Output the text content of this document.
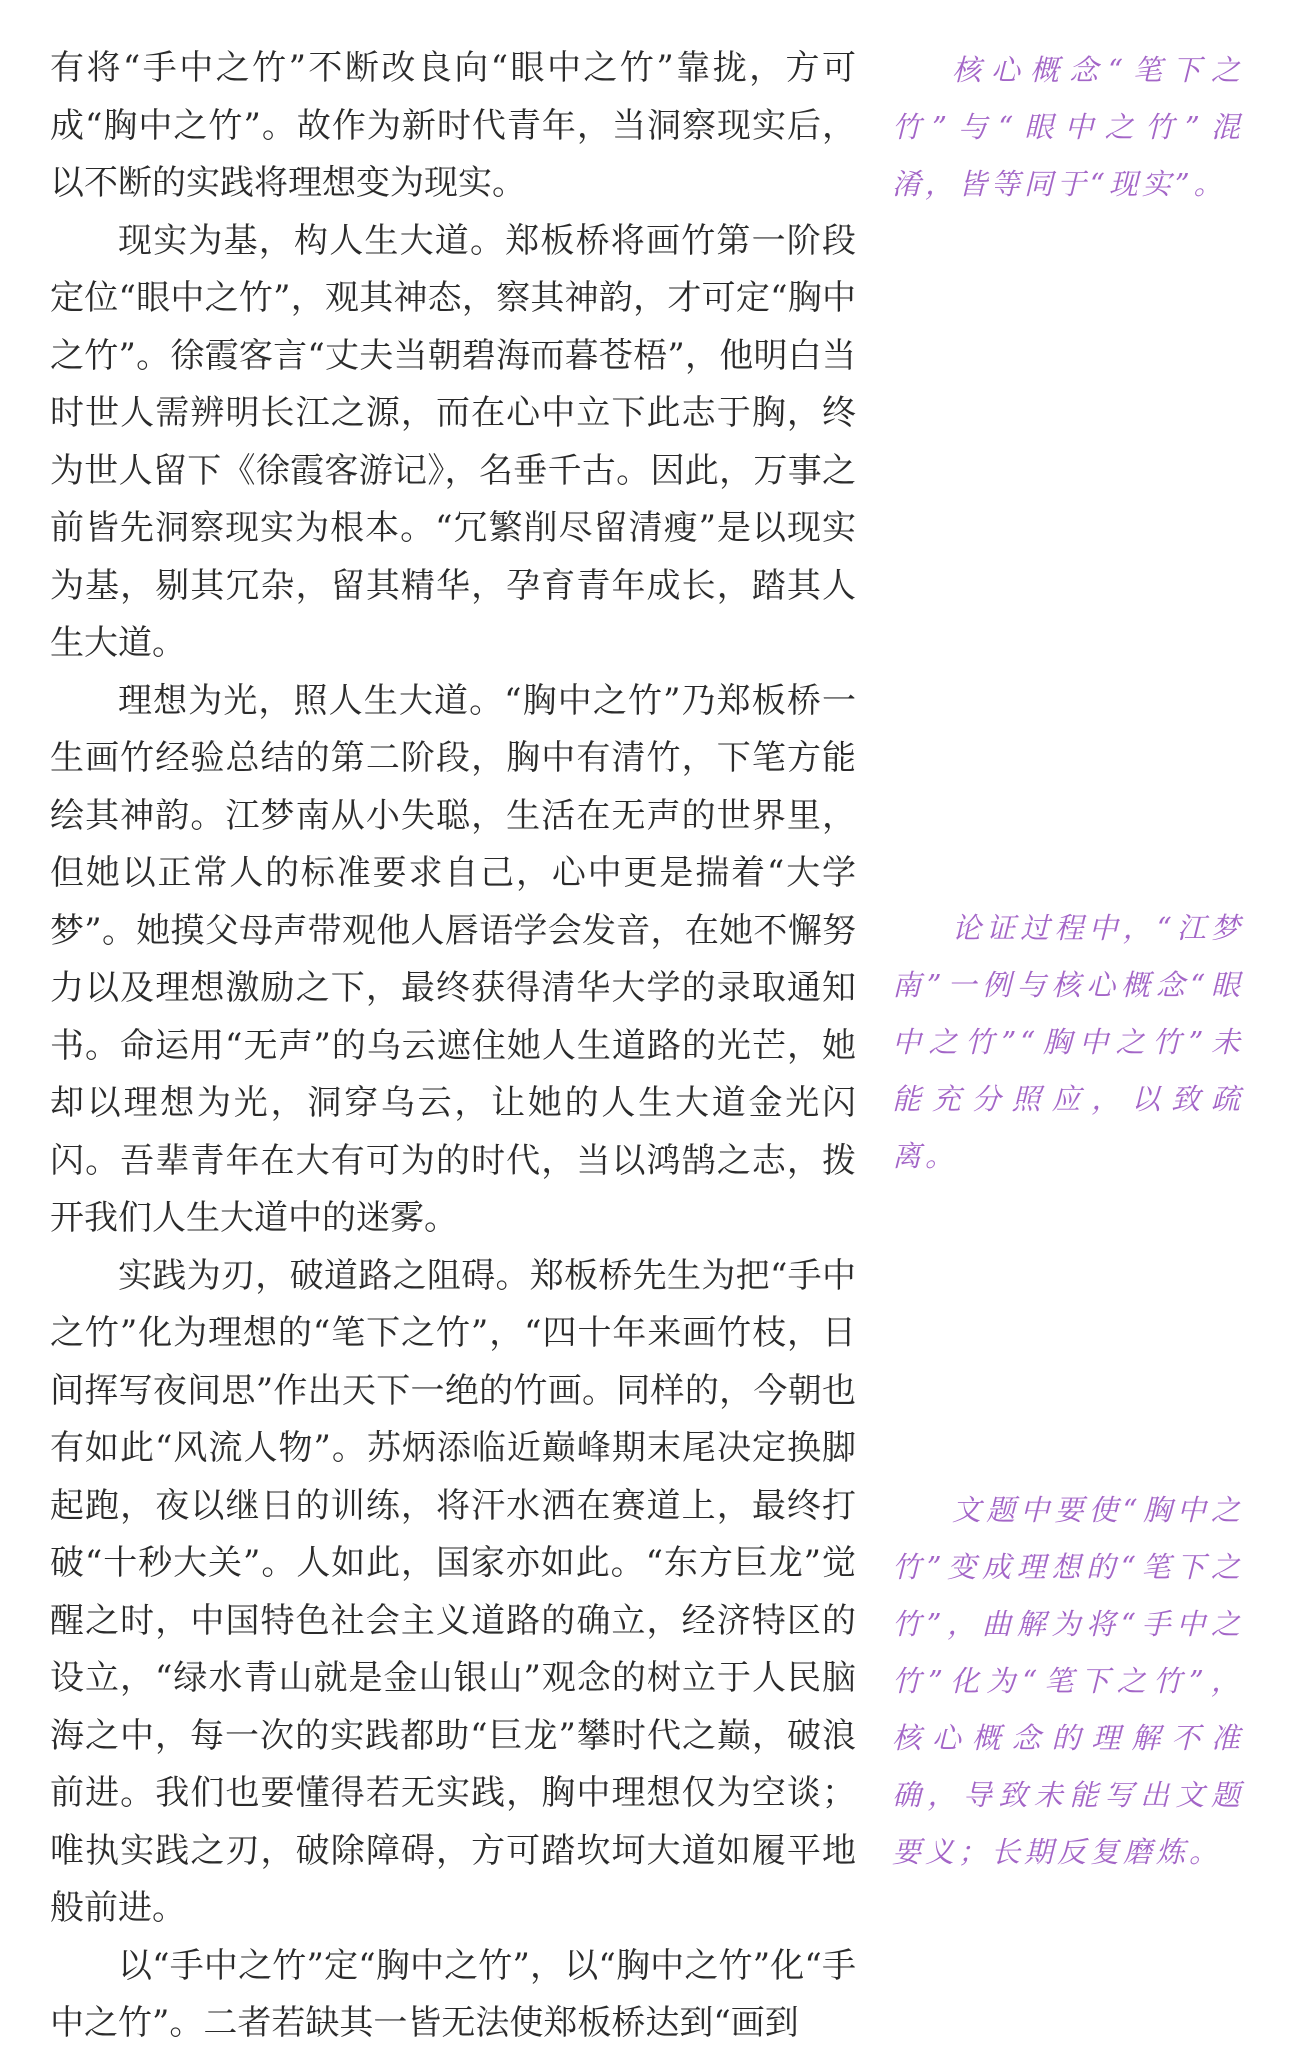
有将“手中之竹”不断改良向“眼中之竹”靠拢，方可成“胸中之竹”。故作为新时代青年，当洞察现实后，以不断的实践将理想变为现实。

现实为基，构人生大道。郑板桥将画竹第一阶段定位“眼中之竹”，观其神态，察其神韵，才可定“胸中之竹”。徐霞客言“丈夫当朝碧海而暮苍梧”，他明白当时世人需辨明长江之源，而在心中立下此志于胸，终为世人留下《徐霞客游记》，名垂千古。因此，万事之前皆先洞察现实为根本。“冗繁削尽留清瘦”是以现实为基，剔其冗杂，留其精华，孕育青年成长，踏其人生大道。

理想为光，照人生大道。“胸中之竹”乃郑板桥一生画竹经验总结的第二阶段，胸中有清竹，下笔方能绘其神韵。江梦南从小失聪，生活在无声的世界里，但她以正常人的标准要求自己，心中更是揣着“大学梦”。她摸父母声带观他人唇语学会发音，在她不懈努力以及理想激励之下，最终获得清华大学的录取通知书。命运用“无声”的乌云遮住她人生道路的光芒，她却以理想为光，洞穿乌云，让她的人生大道金光闪闪。吾辈青年在大有可为的时代，当以鸿鹄之志，拨开我们人生大道中的迷雾。

实践为刃，破道路之阻碍。郑板桥先生为把“手中之竹”化为理想的“笔下之竹”，“四十年来画竹枝，日间挥写夜间思”作出天下一绝的竹画。同样的，今朝也有如此“风流人物”。苏炳添临近巅峰期末尾决定换脚起跑，夜以继日的训练，将汗水洒在赛道上，最终打破“十秒大关”。人如此，国家亦如此。“东方巨龙”觉醒之时，中国特色社会主义道路的确立，经济特区的设立，“绿水青山就是金山银山”观念的树立于人民脑海之中，每一次的实践都助“巨龙”攀时代之巅，破浪前进。我们也要懂得若无实践，胸中理想仅为空谈；唯执实践之刃，破除障碍，方可踏坎坷大道如履平地般前进。

以“手中之竹”定“胸中之竹”，以“胸中之竹”化“手中之竹”。二者若缺其一皆无法使郑板桥达到“画到

核心概念“笔下之竹”与“眼中之竹”混淆，皆等同于“现实”。
论证过程中，“江梦南”一例与核心概念“眼中之竹”“胸中之竹”未能充分照应，以致疏离。
文题中要使“胸中之竹”变成理想的“笔下之竹”，曲解为将“手中之竹”化为“笔下之竹”，核心概念的理解不准确，导致未能写出文题要义；长期反复磨炼。
